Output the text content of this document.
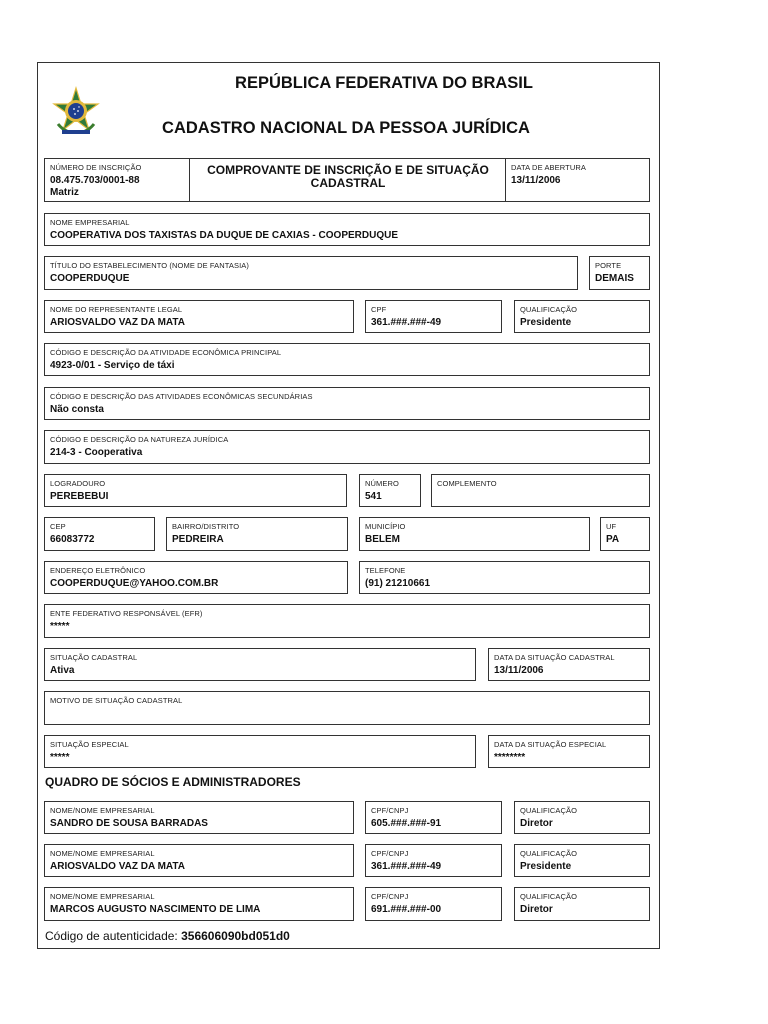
REPÚBLICA FEDERATIVA DO BRASIL
CADASTRO NACIONAL DA PESSOA JURÍDICA
NÚMERO DE INSCRIÇÃO
08.475.703/0001-88
Matriz
COMPROVANTE DE INSCRIÇÃO E DE SITUAÇÃO CADASTRAL
DATA DE ABERTURA
13/11/2006
NOME EMPRESARIAL
COOPERATIVA DOS TAXISTAS DA DUQUE DE CAXIAS - COOPERDUQUE
TÍTULO DO ESTABELECIMENTO (NOME DE FANTASIA)
COOPERDUQUE
PORTE
DEMAIS
NOME DO REPRESENTANTE LEGAL
ARIOSVALDO VAZ DA MATA
CPF
361.###.###-49
QUALIFICAÇÃO
Presidente
CÓDIGO E DESCRIÇÃO DA ATIVIDADE ECONÔMICA PRINCIPAL
4923-0/01 - Serviço de táxi
CÓDIGO E DESCRIÇÃO DAS ATIVIDADES ECONÔMICAS SECUNDÁRIAS
Não consta
CÓDIGO E DESCRIÇÃO DA NATUREZA JURÍDICA
214-3 - Cooperativa
LOGRADOURO
PEREBEBUI
NÚMERO
541
COMPLEMENTO
CEP
66083772
BAIRRO/DISTRITO
PEDREIRA
MUNICÍPIO
BELEM
UF
PA
ENDEREÇO ELETRÔNICO
COOPERDUQUE@YAHOO.COM.BR
TELEFONE
(91) 21210661
ENTE FEDERATIVO RESPONSÁVEL (EFR)
*****
SITUAÇÃO CADASTRAL
Ativa
DATA DA SITUAÇÃO CADASTRAL
13/11/2006
MOTIVO DE SITUAÇÃO CADASTRAL
SITUAÇÃO ESPECIAL
*****
DATA DA SITUAÇÃO ESPECIAL
********
QUADRO DE SÓCIOS E ADMINISTRADORES
NOME/NOME EMPRESARIAL
SANDRO DE SOUSA BARRADAS
CPF/CNPJ
605.###.###-91
QUALIFICAÇÃO
Diretor
NOME/NOME EMPRESARIAL
ARIOSVALDO VAZ DA MATA
CPF/CNPJ
361.###.###-49
QUALIFICAÇÃO
Presidente
NOME/NOME EMPRESARIAL
MARCOS AUGUSTO NASCIMENTO DE LIMA
CPF/CNPJ
691.###.###-00
QUALIFICAÇÃO
Diretor
Código de autenticidade: 356606090bd051d0
